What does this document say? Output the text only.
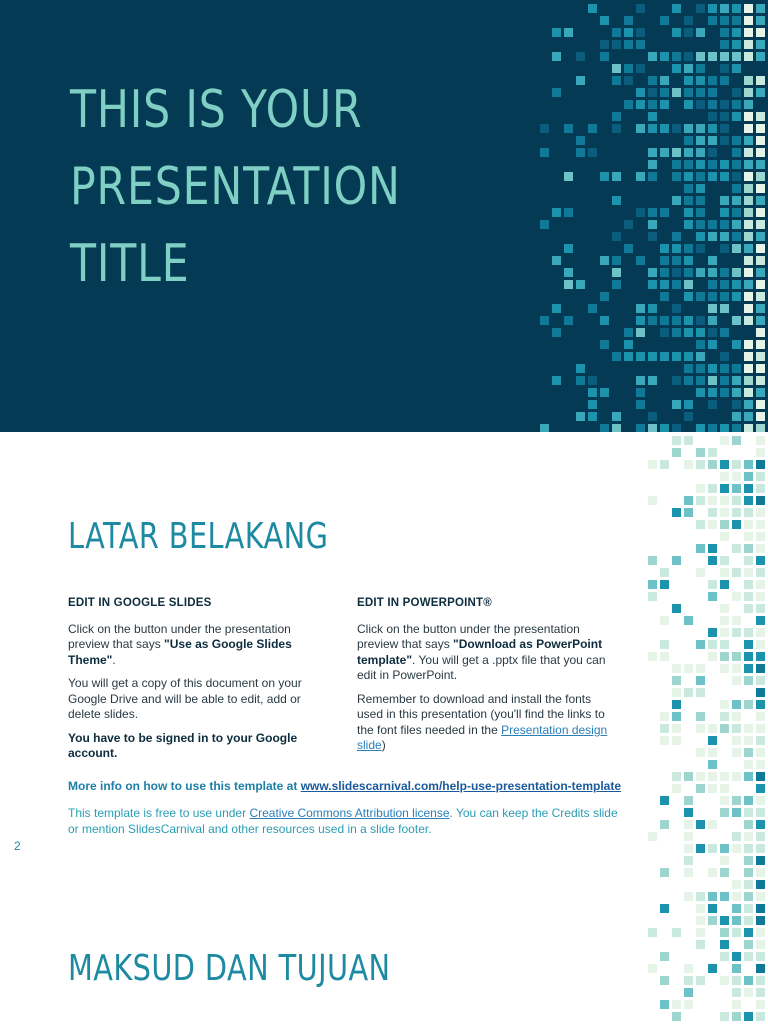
THIS IS YOUR
PRESENTATION
TITLE
LATAR BELAKANG
EDIT IN GOOGLE SLIDES

Click on the button under the presentation preview that says "Use as Google Slides Theme".

You will get a copy of this document on your Google Drive and will be able to edit, add or delete slides.

You have to be signed in to your Google account.

EDIT IN POWERPOINT®

Click on the button under the presentation preview that says "Download as PowerPoint template". You will get a .pptx file that you can edit in PowerPoint.

Remember to download and install the fonts used in this presentation (you'll find the links to the font files needed in the Presentation design slide)

More info on how to use this template at www.slidescarnival.com/help-use-presentation-template
This template is free to use under Creative Commons Attribution license. You can keep the Credits slide or mention SlidesCarnival and other resources used in a slide footer.
2
MAKSUD DAN TUJUAN
